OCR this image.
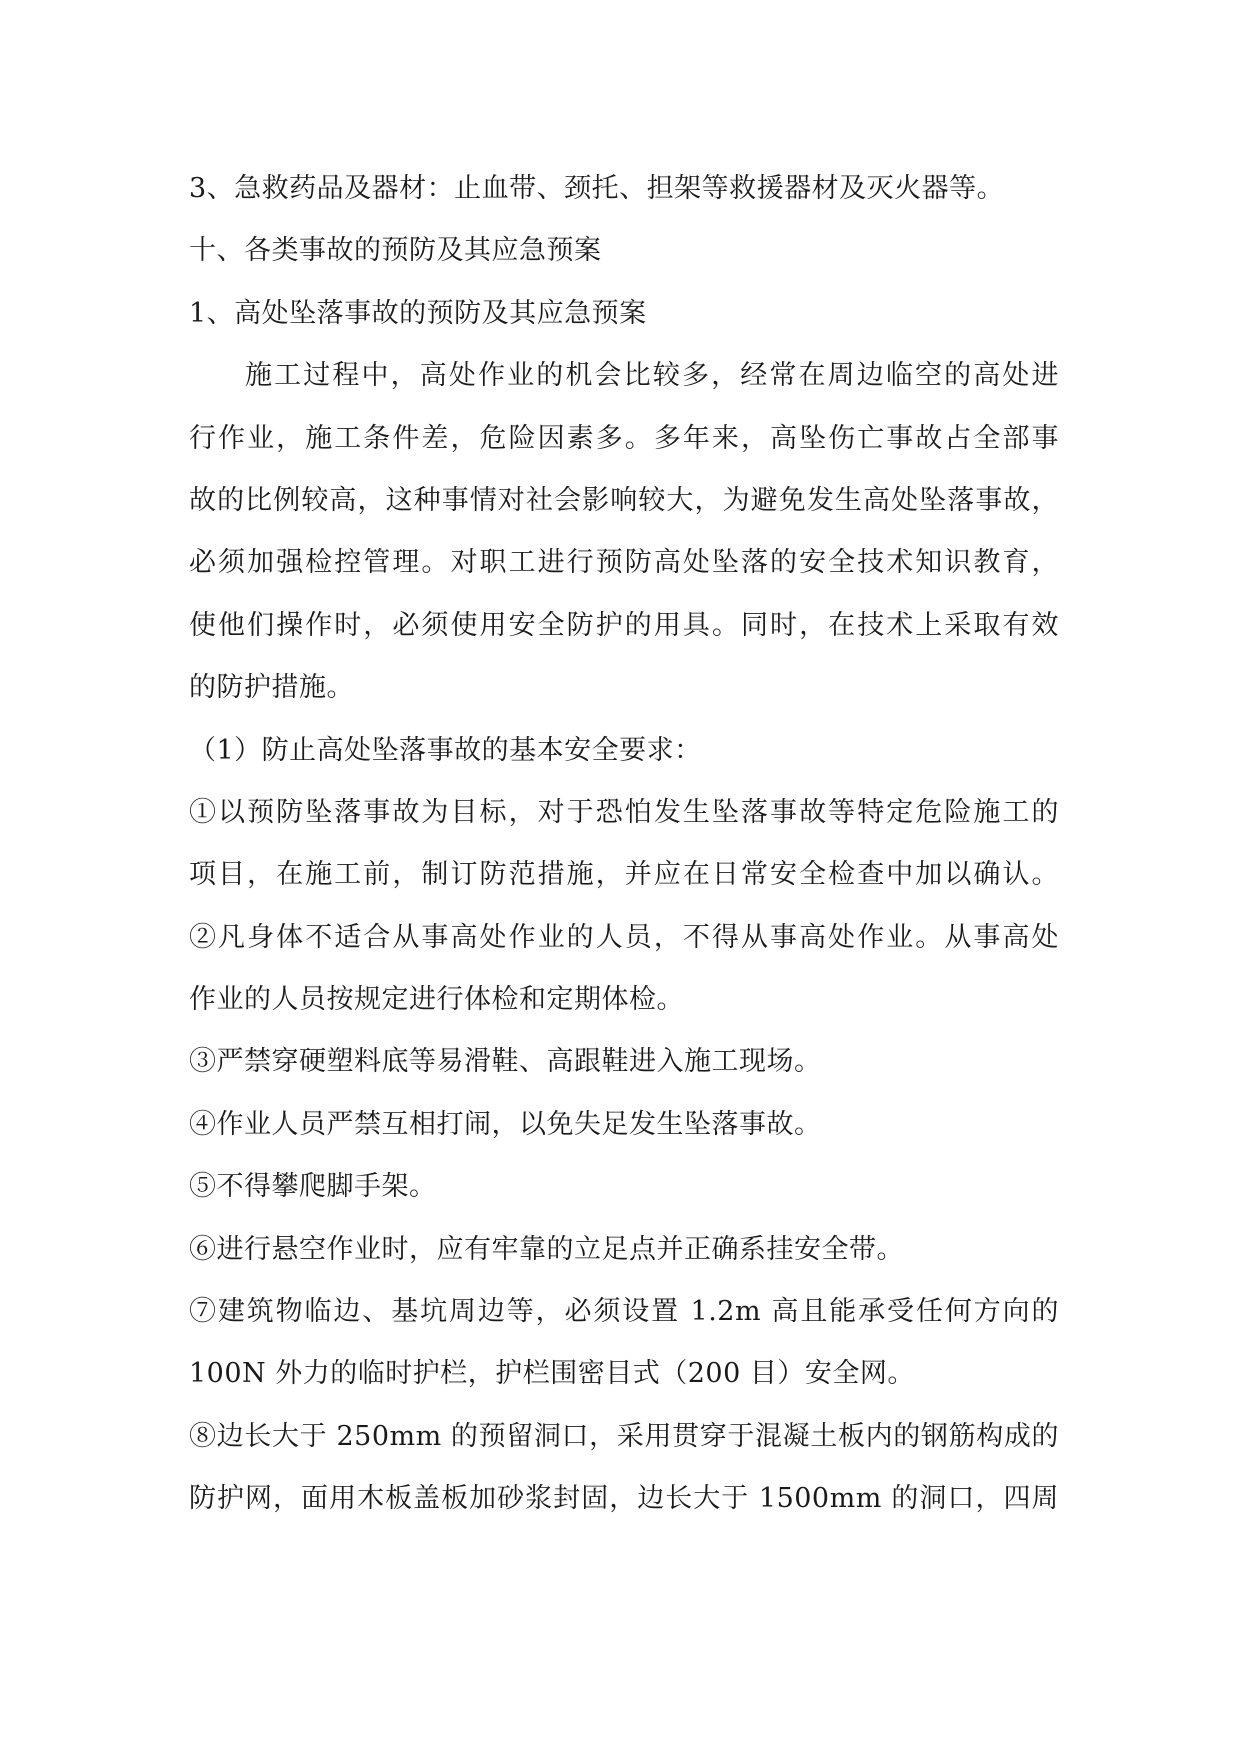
3、急救药品及器材：止血带、颈托、担架等救援器材及灭火器等。
十、各类事故的预防及其应急预案
1、高处坠落事故的预防及其应急预案
施工过程中，高处作业的机会比较多，经常在周边临空的高处进
行作业，施工条件差，危险因素多。多年来，高坠伤亡事故占全部事
故的比例较高，这种事情对社会影响较大，为避免发生高处坠落事故，
必须加强检控管理。对职工进行预防高处坠落的安全技术知识教育，
使他们操作时，必须使用安全防护的用具。同时，在技术上采取有效
的防护措施。
（1）防止高处坠落事故的基本安全要求：
①以预防坠落事故为目标，对于恐怕发生坠落事故等特定危险施工的
项目，在施工前，制订防范措施，并应在日常安全检查中加以确认。
②凡身体不适合从事高处作业的人员，不得从事高处作业。从事高处
作业的人员按规定进行体检和定期体检。
③严禁穿硬塑料底等易滑鞋、高跟鞋进入施工现场。
④作业人员严禁互相打闹，以免失足发生坠落事故。
⑤不得攀爬脚手架。
⑥进行悬空作业时，应有牢靠的立足点并正确系挂安全带。
⑦建筑物临边、基坑周边等，必须设置 1.2m 高且能承受任何方向的
100N 外力的临时护栏，护栏围密目式（200 目）安全网。
⑧边长大于 250mm 的预留洞口，采用贯穿于混凝土板内的钢筋构成的
防护网，面用木板盖板加砂浆封固，边长大于 1500mm 的洞口，四周
